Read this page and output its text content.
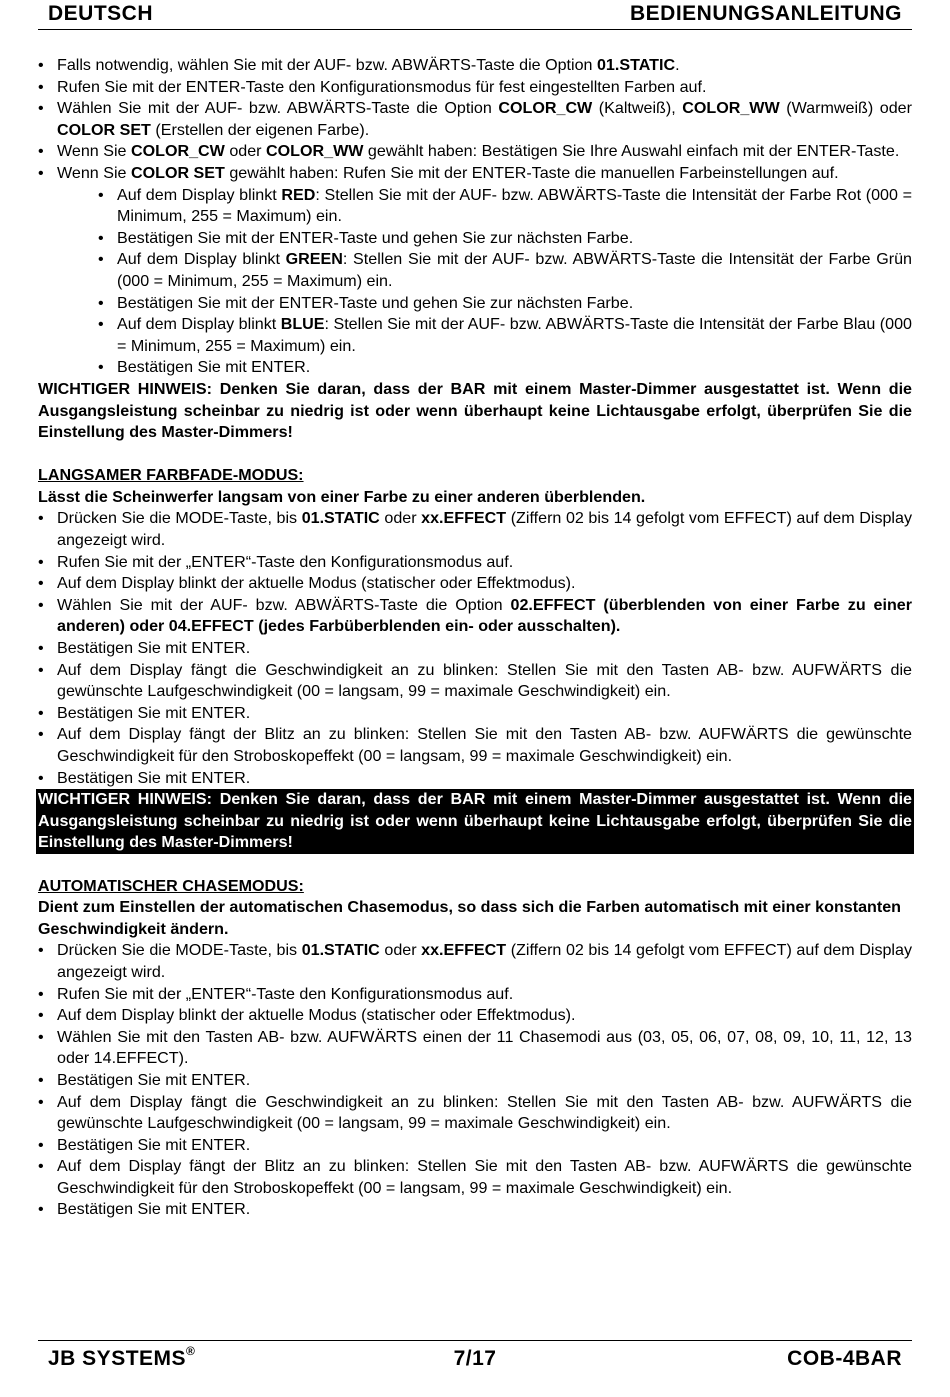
DEUTSCH	BEDIENUNGSANLEITUNG
• Falls notwendig, wählen Sie mit der AUF- bzw. ABWÄRTS-Taste die Option 01.STATIC.
• Rufen Sie mit der ENTER-Taste den Konfigurationsmodus für fest eingestellten Farben auf.
• Wählen Sie mit der AUF- bzw. ABWÄRTS-Taste die Option COLOR_CW (Kaltweiß), COLOR_WW (Warmweiß) oder COLOR SET (Erstellen der eigenen Farbe).
• Wenn Sie COLOR_CW oder COLOR_WW gewählt haben: Bestätigen Sie Ihre Auswahl einfach mit der ENTER-Taste.
• Wenn Sie COLOR SET gewählt haben: Rufen Sie mit der ENTER-Taste die manuellen Farbeinstellungen auf.
• Auf dem Display blinkt RED: Stellen Sie mit der AUF- bzw. ABWÄRTS-Taste die Intensität der Farbe Rot (000 = Minimum, 255 = Maximum) ein.
• Bestätigen Sie mit der ENTER-Taste und gehen Sie zur nächsten Farbe.
• Auf dem Display blinkt GREEN: Stellen Sie mit der AUF- bzw. ABWÄRTS-Taste die Intensität der Farbe Grün (000 = Minimum, 255 = Maximum) ein.
• Bestätigen Sie mit der ENTER-Taste und gehen Sie zur nächsten Farbe.
• Auf dem Display blinkt BLUE: Stellen Sie mit der AUF- bzw. ABWÄRTS-Taste die Intensität der Farbe Blau (000 = Minimum, 255 = Maximum) ein.
• Bestätigen Sie mit ENTER.
WICHTIGER HINWEIS: Denken Sie daran, dass der BAR mit einem Master-Dimmer ausgestattet ist. Wenn die Ausgangsleistung scheinbar zu niedrig ist oder wenn überhaupt keine Lichtausgabe erfolgt, überprüfen Sie die Einstellung des Master-Dimmers!
LANGSAMER FARBFADE-MODUS:
Lässt die Scheinwerfer langsam von einer Farbe zu einer anderen überblenden.
• Drücken Sie die MODE-Taste, bis 01.STATIC oder xx.EFFECT (Ziffern 02 bis 14 gefolgt vom EFFECT) auf dem Display angezeigt wird.
• Rufen Sie mit der „ENTER“-Taste den Konfigurationsmodus auf.
• Auf dem Display blinkt der aktuelle Modus (statischer oder Effektmodus).
• Wählen Sie mit der AUF- bzw. ABWÄRTS-Taste die Option 02.EFFECT (überblenden von einer Farbe zu einer anderen) oder 04.EFFECT (jedes Farbüberblenden ein- oder ausschalten).
• Bestätigen Sie mit ENTER.
• Auf dem Display fängt die Geschwindigkeit an zu blinken: Stellen Sie mit den Tasten AB- bzw. AUFWÄRTS die gewünschte Laufgeschwindigkeit (00 = langsam, 99 = maximale Geschwindigkeit) ein.
• Bestätigen Sie mit ENTER.
• Auf dem Display fängt der Blitz an zu blinken: Stellen Sie mit den Tasten AB- bzw. AUFWÄRTS die gewünschte Geschwindigkeit für den Stroboskopeffekt (00 = langsam, 99 = maximale Geschwindigkeit) ein.
• Bestätigen Sie mit ENTER.
WICHTIGER HINWEIS: Denken Sie daran, dass der BAR mit einem Master-Dimmer ausgestattet ist. Wenn die Ausgangsleistung scheinbar zu niedrig ist oder wenn überhaupt keine Lichtausgabe erfolgt, überprüfen Sie die Einstellung des Master-Dimmers!
AUTOMATISCHER CHASEMODUS:
Dient zum Einstellen der automatischen Chasemodus, so dass sich die Farben automatisch mit einer konstanten Geschwindigkeit ändern.
• Drücken Sie die MODE-Taste, bis 01.STATIC oder xx.EFFECT (Ziffern 02 bis 14 gefolgt vom EFFECT) auf dem Display angezeigt wird.
• Rufen Sie mit der „ENTER“-Taste den Konfigurationsmodus auf.
• Auf dem Display blinkt der aktuelle Modus (statischer oder Effektmodus).
• Wählen Sie mit den Tasten AB- bzw. AUFWÄRTS einen der 11 Chasemodi aus (03, 05, 06, 07, 08, 09, 10, 11, 12, 13 oder 14.EFFECT).
• Bestätigen Sie mit ENTER.
• Auf dem Display fängt die Geschwindigkeit an zu blinken: Stellen Sie mit den Tasten AB- bzw. AUFWÄRTS die gewünschte Laufgeschwindigkeit (00 = langsam, 99 = maximale Geschwindigkeit) ein.
• Bestätigen Sie mit ENTER.
• Auf dem Display fängt der Blitz an zu blinken: Stellen Sie mit den Tasten AB- bzw. AUFWÄRTS die gewünschte Geschwindigkeit für den Stroboskopeffekt (00 = langsam, 99 = maximale Geschwindigkeit) ein.
• Bestätigen Sie mit ENTER.
JB SYSTEMS®	7/17	COB-4BAR
